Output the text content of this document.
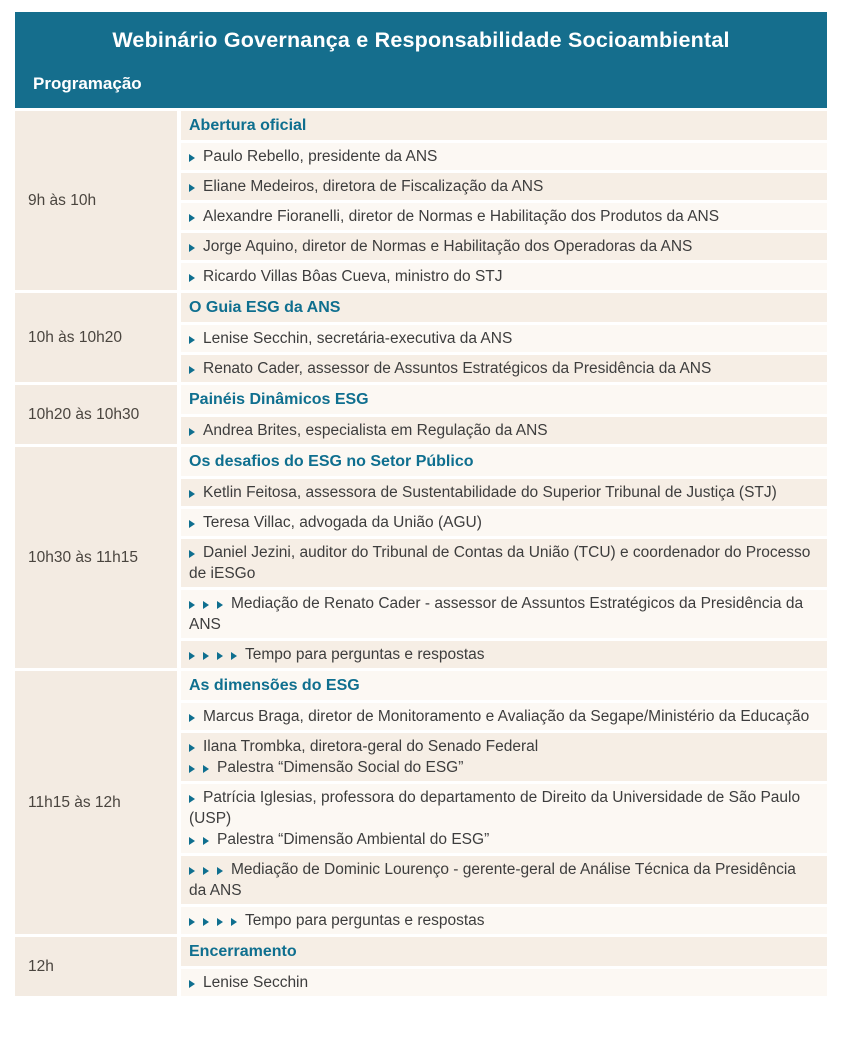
Webinário Governança e Responsabilidade Socioambiental
Programação
9h às 10h
Abertura oficial
Paulo Rebello, presidente da ANS
Eliane Medeiros, diretora de Fiscalização da ANS
Alexandre Fioranelli, diretor de Normas e Habilitação dos Produtos da ANS
Jorge Aquino, diretor de Normas e Habilitação dos Operadoras da ANS
Ricardo Villas Bôas Cueva, ministro do STJ
10h às 10h20
O Guia ESG da ANS
Lenise Secchin, secretária-executiva da ANS
Renato Cader, assessor de Assuntos Estratégicos da Presidência da ANS
10h20 às 10h30
Painéis Dinâmicos ESG
Andrea Brites, especialista em Regulação da ANS
10h30 às 11h15
Os desafios do ESG no Setor Público
Ketlin Feitosa, assessora de Sustentabilidade do Superior Tribunal de Justiça (STJ)
Teresa Villac, advogada da União (AGU)
Daniel Jezini, auditor do Tribunal de Contas da União (TCU) e coordenador do Processo de iESGo
Mediação de Renato Cader - assessor de Assuntos Estratégicos da Presidência da ANS
Tempo para perguntas e respostas
11h15 às 12h
As dimensões do ESG
Marcus Braga, diretor de Monitoramento e Avaliação da Segape/Ministério da Educação
Ilana Trombka, diretora-geral do Senado Federal
Palestra “Dimensão Social do ESG”
Patrícia Iglesias, professora do departamento de Direito da Universidade de São Paulo (USP)
Palestra “Dimensão Ambiental do ESG”
Mediação de Dominic Lourenço - gerente-geral de Análise Técnica da Presidência da ANS
Tempo para perguntas e respostas
12h
Encerramento
Lenise Secchin
